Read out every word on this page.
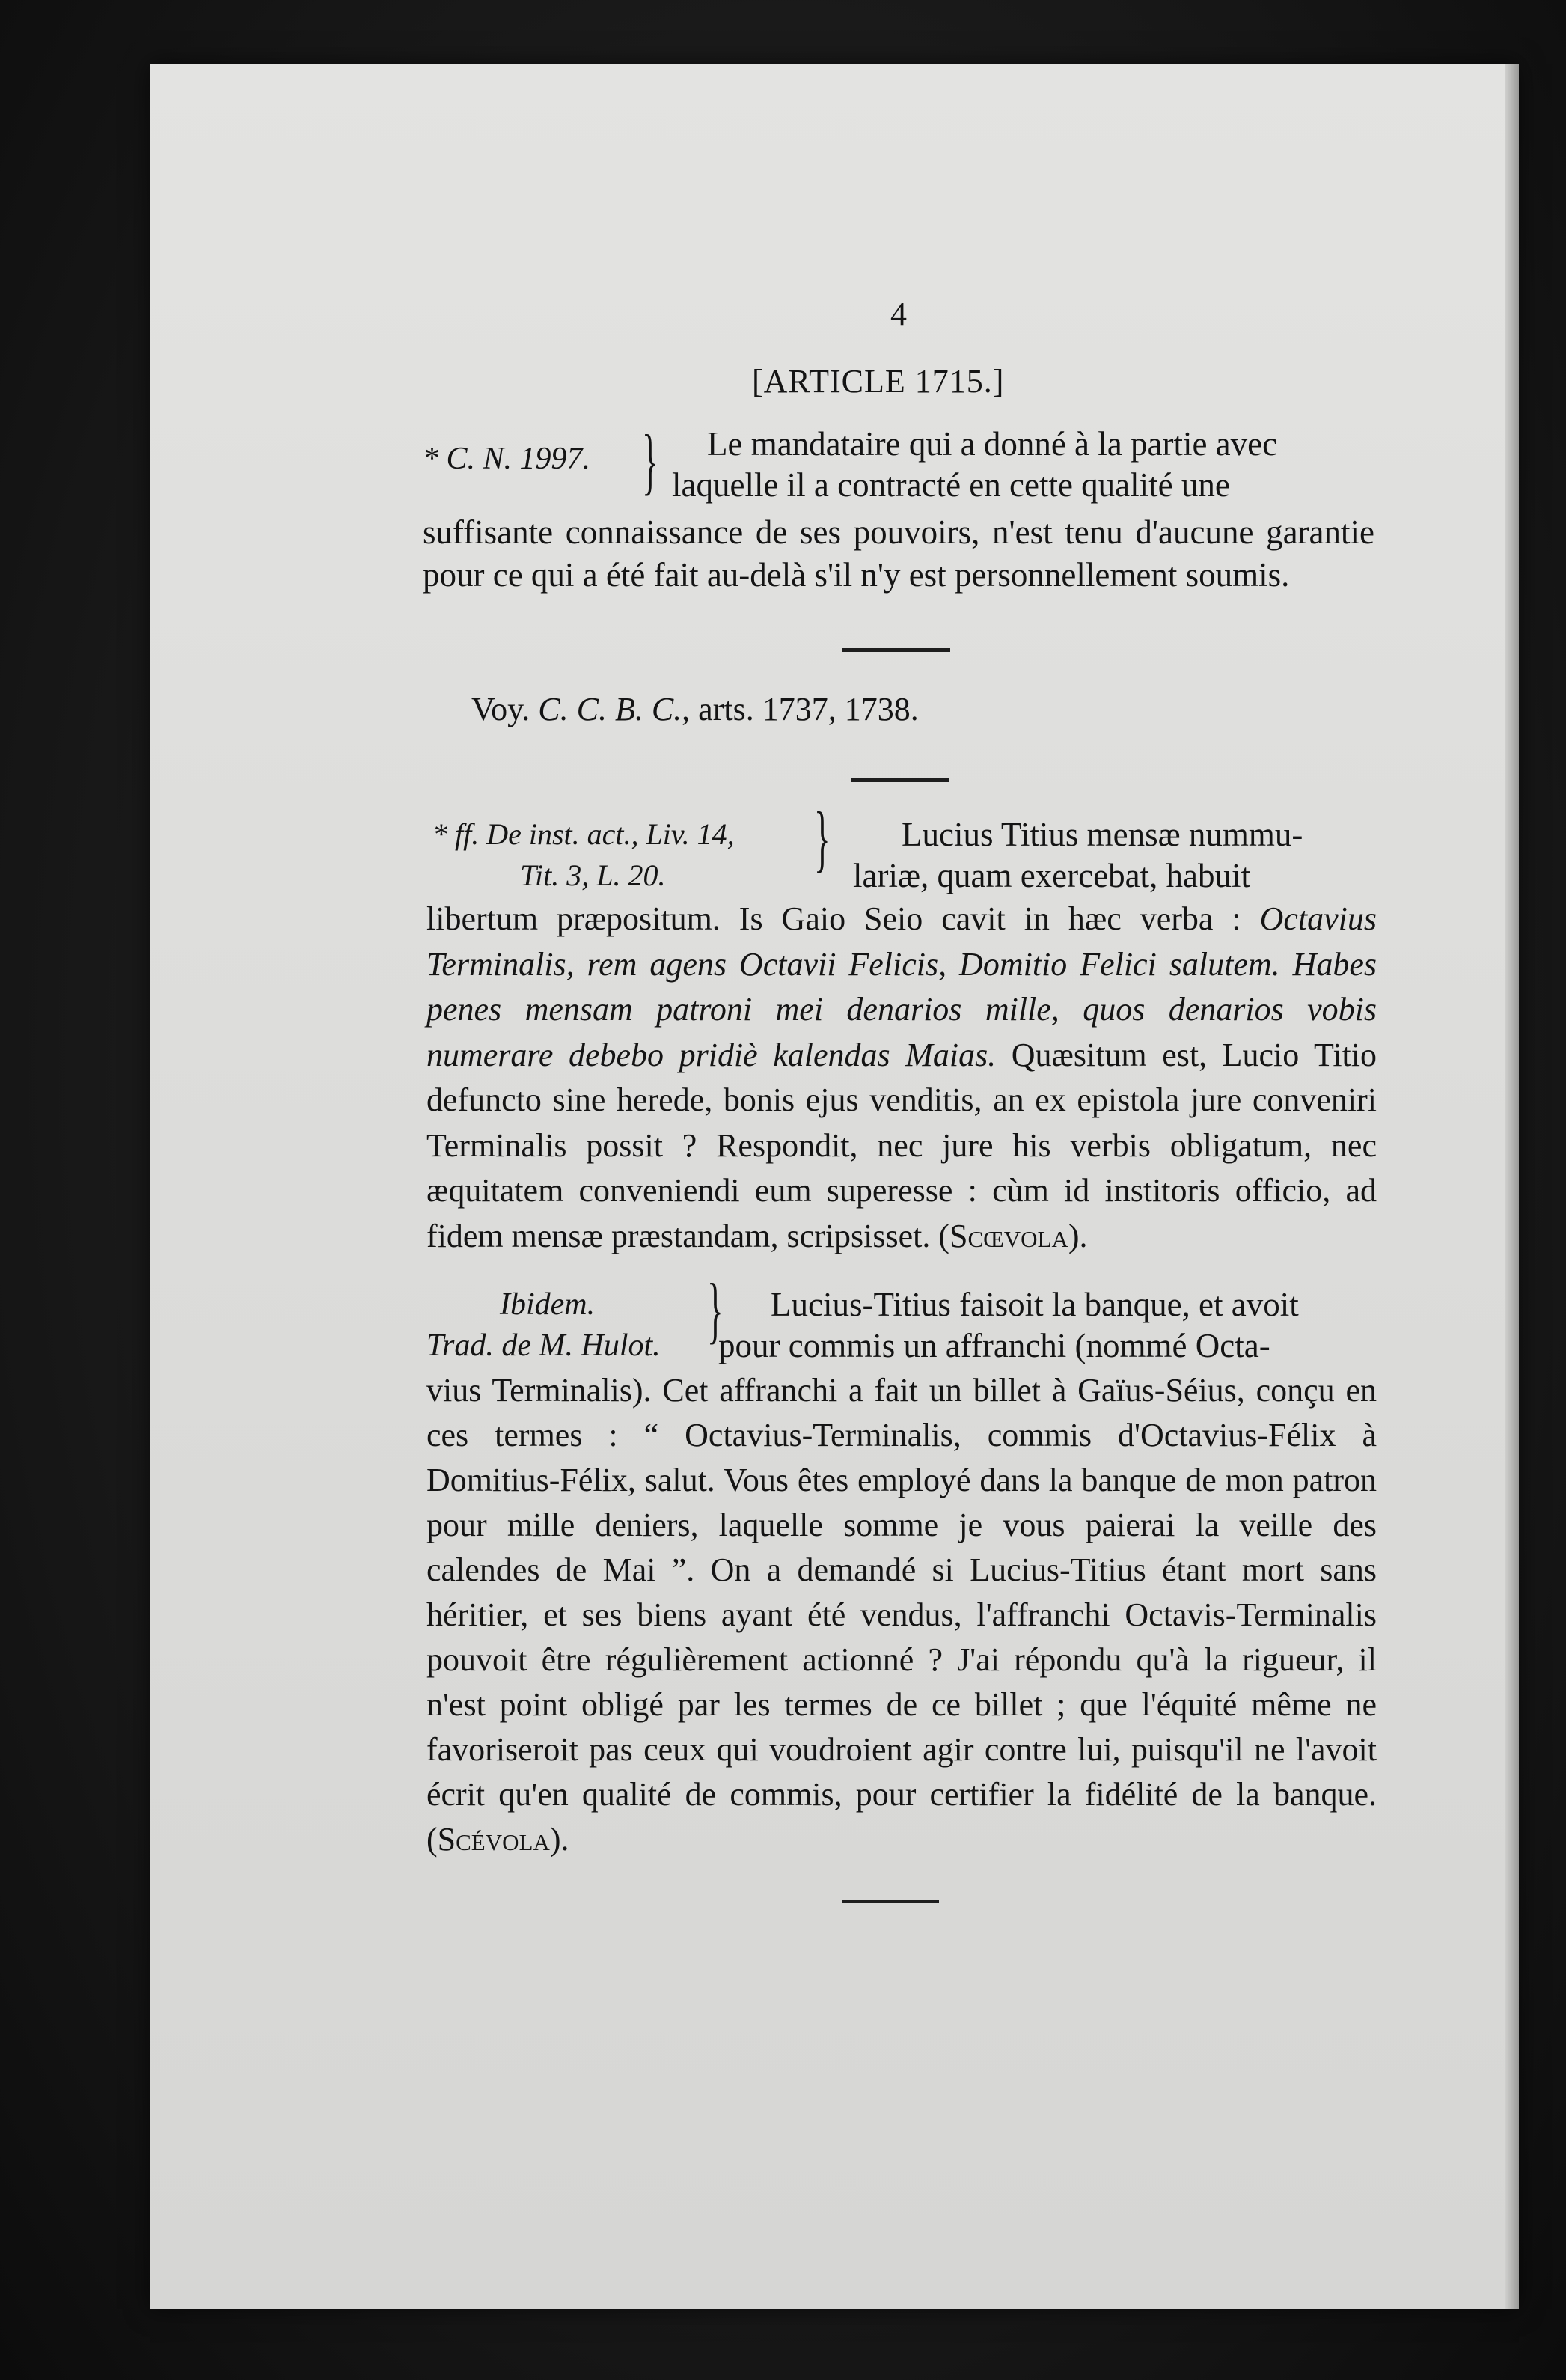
4
[ARTICLE 1715.]
* C. N. 1997. } Le mandataire qui a donné à la partie avec
laquelle il a contracté en cette qualité une

suffisante connaissance de ses pouvoirs, n'est tenu d'aucune garantie pour ce qui a été fait au-delà s'il n'y est personnellement soumis.

Voy. C. C. B. C., arts. 1737, 1738.
* ff. De inst. act., Liv. 14,
Tit. 3, L. 20. } Lucius Titius mensæ nummu-
lariæ, quam exercebat, habuit

libertum præpositum. Is Gaio Seio cavit in hæc verba : Octavius Terminalis, rem agens Octavii Felicis, Domitio Felici salutem. Habes penes mensam patroni mei denarios mille, quos denarios vobis numerare debebo pridiè kalendas Maias. Quæsitum est, Lucio Titio defuncto sine herede, bonis ejus venditis, an ex epistola jure conveniri Terminalis possit ? Respondit, nec jure his verbis obligatum, nec æquitatem conveniendi eum superesse : cùm id institoris officio, ad fidem mensæ præstandam, scripsisset. (Scœvola).

Ibidem.
Trad. de M. Hulot. } Lucius-Titius faisoit la banque, et avoit
pour commis un affranchi (nommé Octa-

vius Terminalis). Cet affranchi a fait un billet à Gaïus-Séius, conçu en ces termes : “ Octavius-Terminalis, commis d'Octavius-Félix à Domitius-Félix, salut. Vous êtes employé dans la banque de mon patron pour mille deniers, laquelle somme je vous paierai la veille des calendes de Mai ”. On a demandé si Lucius-Titius étant mort sans héritier, et ses biens ayant été vendus, l'affranchi Octavis-Terminalis pouvoit être régulièrement actionné ? J'ai répondu qu'à la rigueur, il n'est point obligé par les termes de ce billet ; que l'équité même ne favoriseroit pas ceux qui voudroient agir contre lui, puisqu'il ne l'avoit écrit qu'en qualité de commis, pour certifier la fidélité de la banque. (Scévola).
